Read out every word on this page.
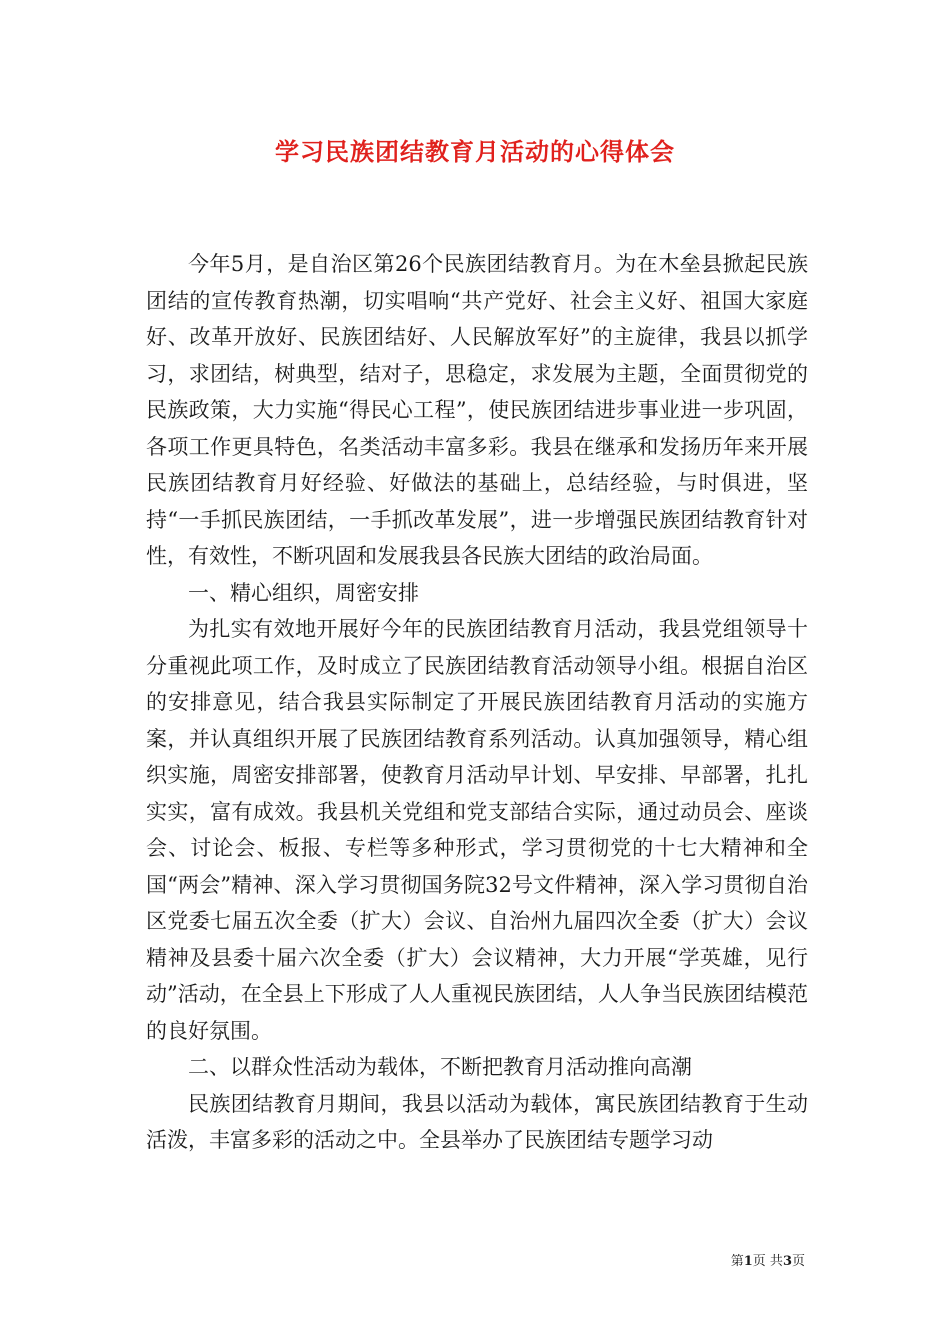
学习民族团结教育月活动的心得体会

今年5月，是自治区第26个民族团结教育月。为在木垒县掀起民族团结的宣传教育热潮，切实唱响“共产党好、社会主义好、祖国大家庭好、改革开放好、民族团结好、人民解放军好”的主旋律，我县以抓学习，求团结，树典型，结对子，思稳定，求发展为主题，全面贯彻党的民族政策，大力实施“得民心工程”，使民族团结进步事业进一步巩固，各项工作更具特色，名类活动丰富多彩。我县在继承和发扬历年来开展民族团结教育月好经验、好做法的基础上，总结经验，与时俱进，坚持“一手抓民族团结，一手抓改革发展”，进一步增强民族团结教育针对性，有效性，不断巩固和发展我县各民族大团结的政治局面。

一、精心组织，周密安排

为扎实有效地开展好今年的民族团结教育月活动，我县党组领导十分重视此项工作，及时成立了民族团结教育活动领导小组。根据自治区的安排意见，结合我县实际制定了开展民族团结教育月活动的实施方案，并认真组织开展了民族团结教育系列活动。认真加强领导，精心组织实施，周密安排部署，使教育月活动早计划、早安排、早部署，扎扎实实，富有成效。我县机关党组和党支部结合实际，通过动员会、座谈会、讨论会、板报、专栏等多种形式，学习贯彻党的十七大精神和全国“两会”精神、深入学习贯彻国务院32号文件精神，深入学习贯彻自治区党委七届五次全委（扩大）会议、自治州九届四次全委（扩大）会议精神及县委十届六次全委（扩大）会议精神，大力开展“学英雄，见行动”活动，在全县上下形成了人人重视民族团结，人人争当民族团结模范的良好氛围。

二、以群众性活动为载体，不断把教育月活动推向高潮

民族团结教育月期间，我县以活动为载体，寓民族团结教育于生动活泼，丰富多彩的活动之中。全县举办了民族团结专题学习动

第1页 共3页
